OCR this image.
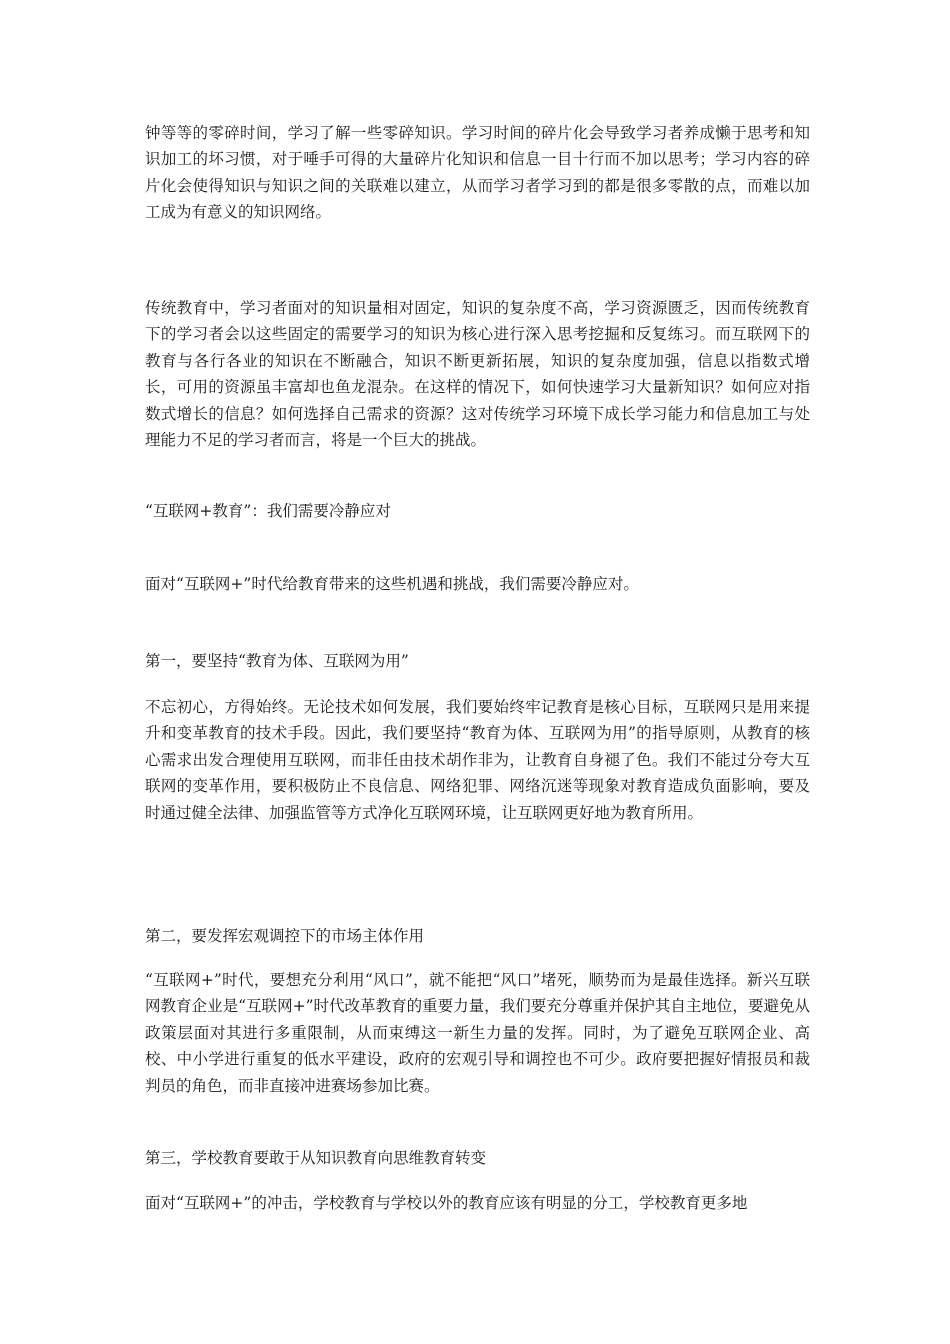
钟等等的零碎时间，学习了解一些零碎知识。学习时间的碎片化会导致学习者养成懒于思考和知识加工的坏习惯，对于唾手可得的大量碎片化知识和信息一目十行而不加以思考；学习内容的碎片化会使得知识与知识之间的关联难以建立，从而学习者学习到的都是很多零散的点，而难以加工成为有意义的知识网络。

传统教育中，学习者面对的知识量相对固定，知识的复杂度不高，学习资源匮乏，因而传统教育下的学习者会以这些固定的需要学习的知识为核心进行深入思考挖掘和反复练习。而互联网下的教育与各行各业的知识在不断融合，知识不断更新拓展，知识的复杂度加强，信息以指数式增长，可用的资源虽丰富却也鱼龙混杂。在这样的情况下，如何快速学习大量新知识？如何应对指数式增长的信息？如何选择自己需求的资源？这对传统学习环境下成长学习能力和信息加工与处理能力不足的学习者而言，将是一个巨大的挑战。

“互联网+教育”：我们需要冷静应对

面对“互联网+”时代给教育带来的这些机遇和挑战，我们需要冷静应对。

第一，要坚持“教育为体、互联网为用”

不忘初心，方得始终。无论技术如何发展，我们要始终牢记教育是核心目标，互联网只是用来提升和变革教育的技术手段。因此，我们要坚持“教育为体、互联网为用”的指导原则，从教育的核心需求出发合理使用互联网，而非任由技术胡作非为，让教育自身褪了色。我们不能过分夸大互联网的变革作用，要积极防止不良信息、网络犯罪、网络沉迷等现象对教育造成负面影响，要及时通过健全法律、加强监管等方式净化互联网环境，让互联网更好地为教育所用。

第二，要发挥宏观调控下的市场主体作用

“互联网+”时代，要想充分利用“风口”，就不能把“风口”堵死，顺势而为是最佳选择。新兴互联网教育企业是“互联网+”时代改革教育的重要力量，我们要充分尊重并保护其自主地位，要避免从政策层面对其进行多重限制，从而束缚这一新生力量的发挥。同时，为了避免互联网企业、高校、中小学进行重复的低水平建设，政府的宏观引导和调控也不可少。政府要把握好情报员和裁判员的角色，而非直接冲进赛场参加比赛。

第三，学校教育要敢于从知识教育向思维教育转变

面对“互联网+”的冲击，学校教育与学校以外的教育应该有明显的分工，学校教育更多地
